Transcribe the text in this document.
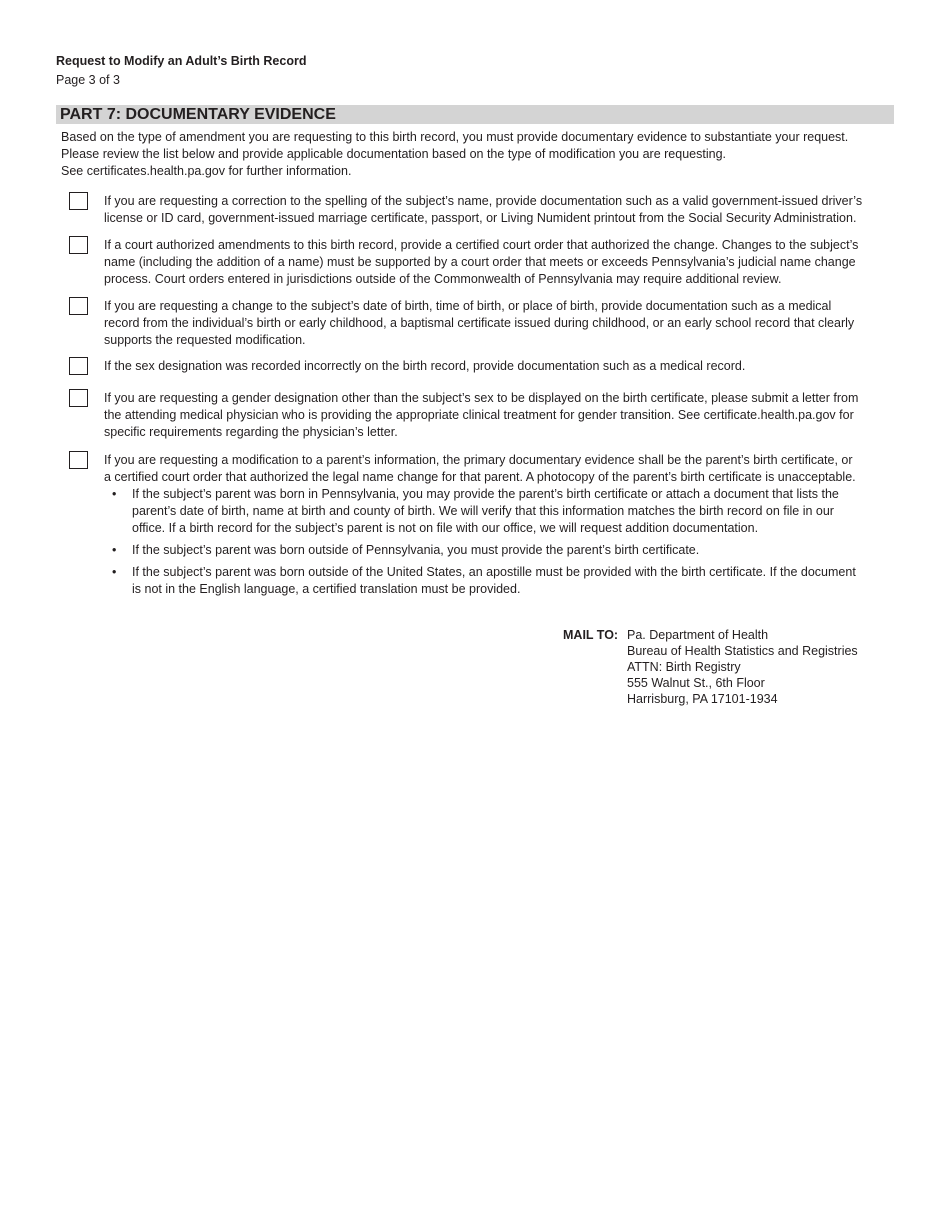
Request to Modify an Adult’s Birth Record
Page 3 of 3
PART 7: DOCUMENTARY EVIDENCE
Based on the type of amendment you are requesting to this birth record, you must provide documentary evidence to substantiate your request.
Please review the list below and provide applicable documentation based on the type of modification you are requesting.
See certificates.health.pa.gov for further information.
If you are requesting a correction to the spelling of the subject’s name, provide documentation such as a valid government-issued driver’s
license or ID card, government-issued marriage certificate, passport, or Living Numident printout from the Social Security Administration.
If a court authorized amendments to this birth record, provide a certified court order that authorized the change. Changes to the subject’s
name (including the addition of a name) must be supported by a court order that meets or exceeds Pennsylvania’s judicial name change
process. Court orders entered in jurisdictions outside of the Commonwealth of Pennsylvania may require additional review.
If you are requesting a change to the subject’s date of birth, time of birth, or place of birth, provide documentation such as a medical
record from the individual’s birth or early childhood, a baptismal certificate issued during childhood, or an early school record that clearly
supports the requested modification.
If the sex designation was recorded incorrectly on the birth record, provide documentation such as a medical record.
If you are requesting a gender designation other than the subject’s sex to be displayed on the birth certificate, please submit a letter from
the attending medical physician who is providing the appropriate clinical treatment for gender transition. See certificate.health.pa.gov for
specific requirements regarding the physician’s letter.
If you are requesting a modification to a parent’s information, the primary documentary evidence shall be the parent’s birth certificate, or
a certified court order that authorized the legal name change for that parent. A photocopy of the parent’s birth certificate is unacceptable.
• If the subject’s parent was born in Pennsylvania, you may provide the parent’s birth certificate or attach a document that lists the
parent’s date of birth, name at birth and county of birth. We will verify that this information matches the birth record on file in our
office. If a birth record for the subject’s parent is not on file with our office, we will request addition documentation.
• If the subject’s parent was born outside of Pennsylvania, you must provide the parent’s birth certificate.
• If the subject’s parent was born outside of the United States, an apostille must be provided with the birth certificate. If the document
is not in the English language, a certified translation must be provided.
MAIL TO: Pa. Department of Health
Bureau of Health Statistics and Registries
ATTN: Birth Registry
555 Walnut St., 6th Floor
Harrisburg, PA 17101-1934
